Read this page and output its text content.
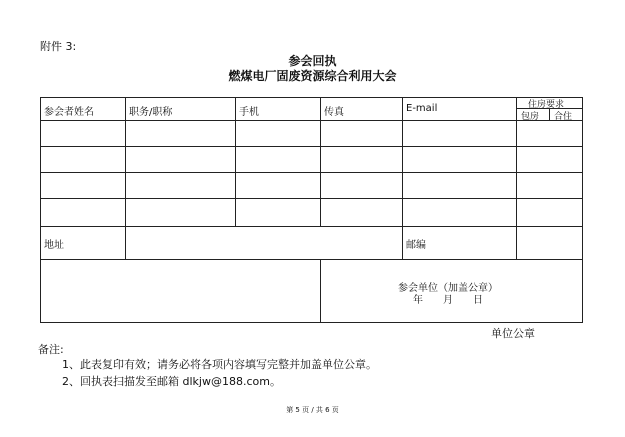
附件 3:
参会回执
燃煤电厂固废资源综合利用大会
参会者姓名	职务/职称	手机	传真	E-mail	住房要求
包房 合住
地址	邮编
参会单位（加盖公章）
年　　月　　日
单位公章
备注:
1、此表复印有效；请务必将各项内容填写完整并加盖单位公章。
2、回执表扫描发至邮箱 dlkjw@188.com。
第 5 页 / 共 6 页
